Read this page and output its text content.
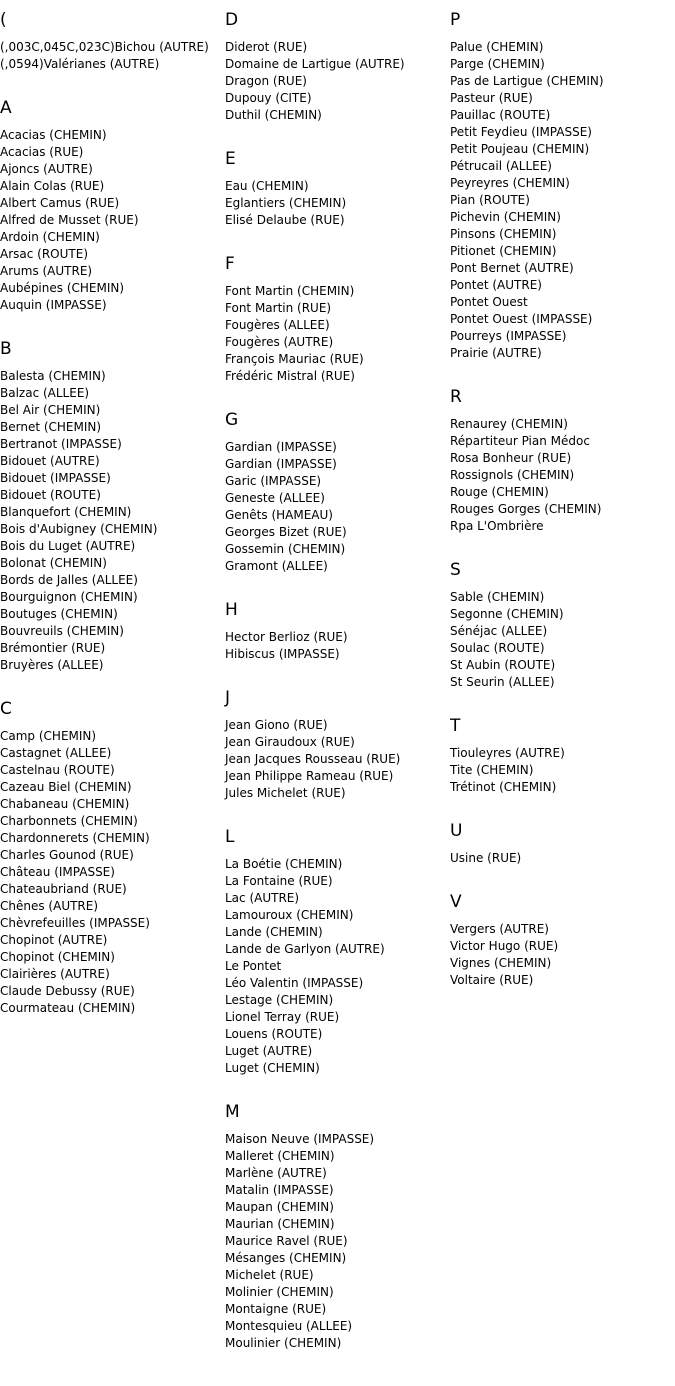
(
(,003C,045C,023C)Bichou (AUTRE)
(,0594)Valérianes (AUTRE)
A
Acacias (CHEMIN)
Acacias (RUE)
Ajoncs (AUTRE)
Alain Colas (RUE)
Albert Camus (RUE)
Alfred de Musset (RUE)
Ardoin (CHEMIN)
Arsac (ROUTE)
Arums (AUTRE)
Aubépines (CHEMIN)
Auquin (IMPASSE)
B
Balesta (CHEMIN)
Balzac (ALLEE)
Bel Air (CHEMIN)
Bernet (CHEMIN)
Bertranot (IMPASSE)
Bidouet (AUTRE)
Bidouet (IMPASSE)
Bidouet (ROUTE)
Blanquefort (CHEMIN)
Bois d'Aubigney (CHEMIN)
Bois du Luget (AUTRE)
Bolonat (CHEMIN)
Bords de Jalles (ALLEE)
Bourguignon (CHEMIN)
Boutuges (CHEMIN)
Bouvreuils (CHEMIN)
Brémontier (RUE)
Bruyères (ALLEE)
C
Camp (CHEMIN)
Castagnet (ALLEE)
Castelnau (ROUTE)
Cazeau Biel (CHEMIN)
Chabaneau (CHEMIN)
Charbonnets (CHEMIN)
Chardonnerets (CHEMIN)
Charles Gounod (RUE)
Château (IMPASSE)
Chateaubriand (RUE)
Chênes (AUTRE)
Chèvrefeuilles (IMPASSE)
Chopinot (AUTRE)
Chopinot (CHEMIN)
Clairières (AUTRE)
Claude Debussy (RUE)
Courmateau (CHEMIN)
D
Diderot (RUE)
Domaine de Lartigue (AUTRE)
Dragon (RUE)
Dupouy (CITE)
Duthil (CHEMIN)
E
Eau (CHEMIN)
Eglantiers (CHEMIN)
Elisé Delaube (RUE)
F
Font Martin (CHEMIN)
Font Martin (RUE)
Fougères (ALLEE)
Fougères (AUTRE)
François Mauriac (RUE)
Frédéric Mistral (RUE)
G
Gardian (IMPASSE)
Gardian (IMPASSE)
Garic (IMPASSE)
Geneste (ALLEE)
Genêts (HAMEAU)
Georges Bizet (RUE)
Gossemin (CHEMIN)
Gramont (ALLEE)
H
Hector Berlioz (RUE)
Hibiscus (IMPASSE)
J
Jean Giono (RUE)
Jean Giraudoux (RUE)
Jean Jacques Rousseau (RUE)
Jean Philippe Rameau (RUE)
Jules Michelet (RUE)
L
La Boétie (CHEMIN)
La Fontaine (RUE)
Lac (AUTRE)
Lamouroux (CHEMIN)
Lande (CHEMIN)
Lande de Garlyon (AUTRE)
Le Pontet
Léo Valentin (IMPASSE)
Lestage (CHEMIN)
Lionel Terray (RUE)
Louens (ROUTE)
Luget (AUTRE)
Luget (CHEMIN)
M
Maison Neuve (IMPASSE)
Malleret (CHEMIN)
Marlène (AUTRE)
Matalin (IMPASSE)
Maupan (CHEMIN)
Maurian (CHEMIN)
Maurice Ravel (RUE)
Mésanges (CHEMIN)
Michelet (RUE)
Molinier (CHEMIN)
Montaigne (RUE)
Montesquieu (ALLEE)
Moulinier (CHEMIN)
P
Palue (CHEMIN)
Parge (CHEMIN)
Pas de Lartigue (CHEMIN)
Pasteur (RUE)
Pauillac (ROUTE)
Petit Feydieu (IMPASSE)
Petit Poujeau (CHEMIN)
Pétrucail (ALLEE)
Peyreyres (CHEMIN)
Pian (ROUTE)
Pichevin (CHEMIN)
Pinsons (CHEMIN)
Pitionet (CHEMIN)
Pont Bernet (AUTRE)
Pontet (AUTRE)
Pontet Ouest
Pontet Ouest (IMPASSE)
Pourreys (IMPASSE)
Prairie (AUTRE)
R
Renaurey (CHEMIN)
Répartiteur Pian Médoc
Rosa Bonheur (RUE)
Rossignols (CHEMIN)
Rouge (CHEMIN)
Rouges Gorges (CHEMIN)
Rpa L'Ombrière
S
Sable (CHEMIN)
Segonne (CHEMIN)
Sénéjac (ALLEE)
Soulac (ROUTE)
St Aubin (ROUTE)
St Seurin (ALLEE)
T
Tiouleyres (AUTRE)
Tite (CHEMIN)
Trétinot (CHEMIN)
U
Usine (RUE)
V
Vergers (AUTRE)
Victor Hugo (RUE)
Vignes (CHEMIN)
Voltaire (RUE)
